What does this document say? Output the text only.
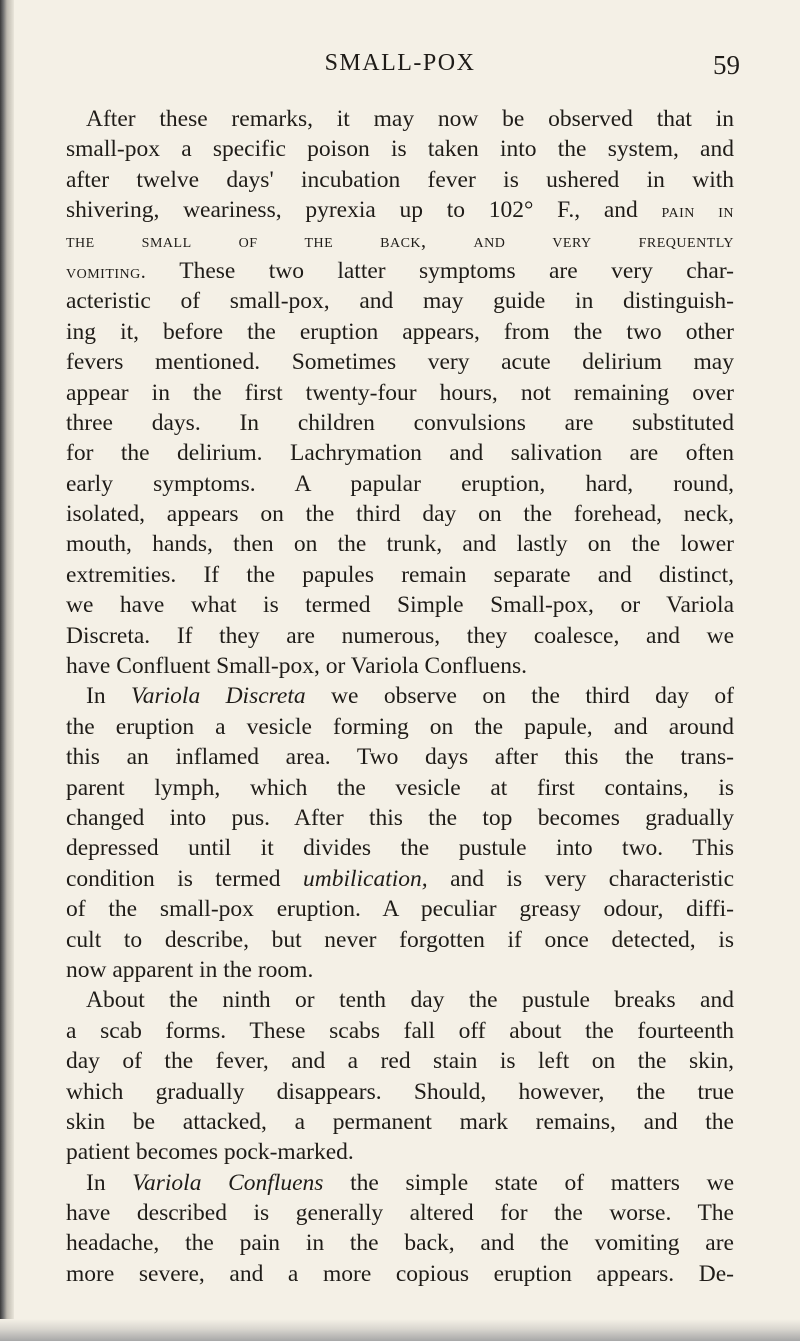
SMALL-POX	59
After these remarks, it may now be observed that in
small-pox a specific poison is taken into the system, and
after twelve days' incubation fever is ushered in with
shivering, weariness, pyrexia up to 102° F., and pain in
the small of the back, and very frequently
vomiting. These two latter symptoms are very char-
acteristic of small-pox, and may guide in distinguish-
ing it, before the eruption appears, from the two other
fevers mentioned. Sometimes very acute delirium may
appear in the first twenty-four hours, not remaining over
three days. In children convulsions are substituted
for the delirium. Lachrymation and salivation are often
early symptoms. A papular eruption, hard, round,
isolated, appears on the third day on the forehead, neck,
mouth, hands, then on the trunk, and lastly on the lower
extremities. If the papules remain separate and distinct,
we have what is termed Simple Small-pox, or Variola
Discreta. If they are numerous, they coalesce, and we
have Confluent Small-pox, or Variola Confluens.
In Variola Discreta we observe on the third day of
the eruption a vesicle forming on the papule, and around
this an inflamed area. Two days after this the trans-
parent lymph, which the vesicle at first contains, is
changed into pus. After this the top becomes gradually
depressed until it divides the pustule into two. This
condition is termed umbilication, and is very characteristic
of the small-pox eruption. A peculiar greasy odour, diffi-
cult to describe, but never forgotten if once detected, is
now apparent in the room.
About the ninth or tenth day the pustule breaks and
a scab forms. These scabs fall off about the fourteenth
day of the fever, and a red stain is left on the skin,
which gradually disappears. Should, however, the true
skin be attacked, a permanent mark remains, and the
patient becomes pock-marked.
In Variola Confluens the simple state of matters we
have described is generally altered for the worse. The
headache, the pain in the back, and the vomiting are
more severe, and a more copious eruption appears. De-
